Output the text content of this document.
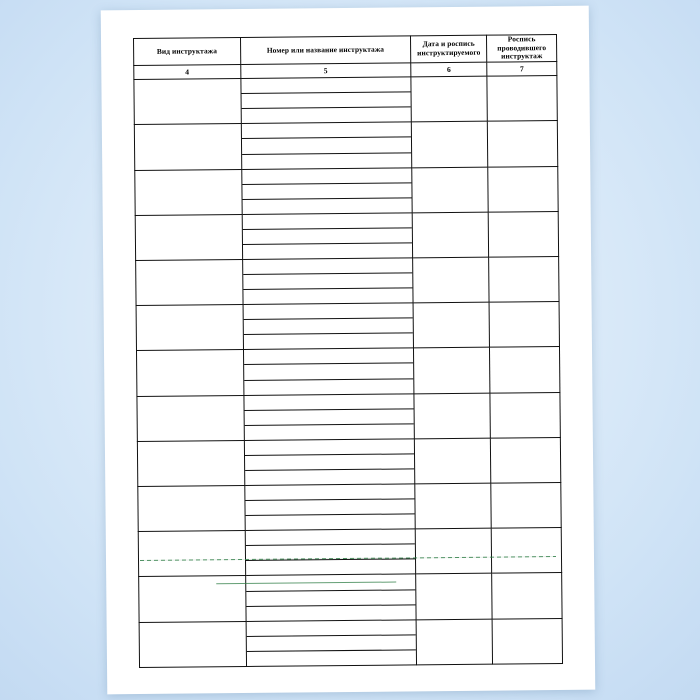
Вид инструктажа	Номер или название инструктажа	Дата и роспись инструктируемого	Роспись проводившего инструктаж
4	5	6	7
